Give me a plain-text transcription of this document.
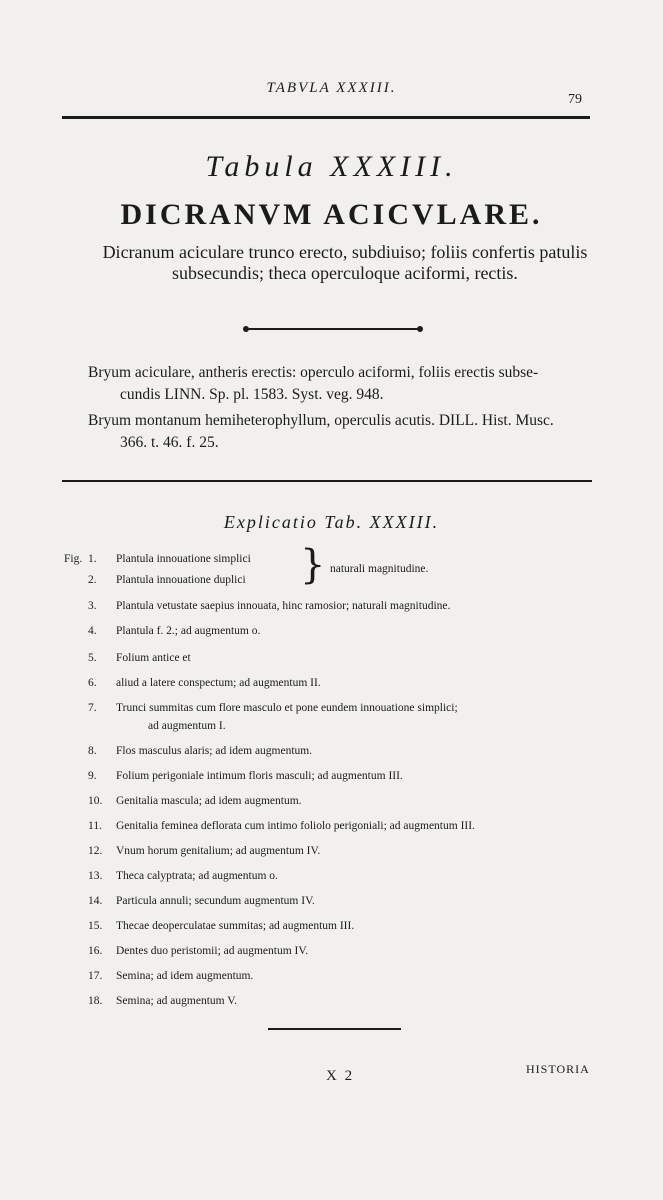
TABVLA XXXIII.
79
Tabula XXXIII.
DICRANVM ACICVLARE.
Dicranum aciculare trunco erecto, subdiuiso; foliis confertis patulis subsecundis; theca operculoque aciformi, rectis.
Bryum aciculare, antheris erectis: operculo aciformi, foliis erectis subse-
cundis LINN. Sp. pl. 1583. Syst. veg. 948.
Bryum montanum hemiheterophyllum, operculis acutis. DILL. Hist. Musc.
366. t. 46. f. 25.
Explicatio Tab. XXXIII.
Fig. 1. Plantula innouatione simplici
2. Plantula innouatione duplici
3. Plantula vetustate saepius innouata, hinc ramosior; naturali magnitudine.
4. Plantula f. 2.; ad augmentum o.
5. Folium antice et
6. aliud a latere conspectum; ad augmentum II.
7. Trunci summitas cum flore masculo et pone eundem innouatione simplici;
ad augmentum I.
8. Flos masculus alaris; ad idem augmentum.
9. Folium perigoniale intimum floris masculi; ad augmentum III.
10. Genitalia mascula; ad idem augmentum.
11. Genitalia feminea deflorata cum intimo foliolo perigoniali; ad augmentum III.
12. Vnum horum genitalium; ad augmentum IV.
13. Theca calyptrata; ad augmentum o.
14. Particula annuli; secundum augmentum IV.
15. Thecae deoperculatae summitas; ad augmentum III.
16. Dentes duo peristomii; ad augmentum IV.
17. Semina; ad idem augmentum.
18. Semina; ad augmentum V.
} naturali magnitudine.
X 2	HISTORIA
